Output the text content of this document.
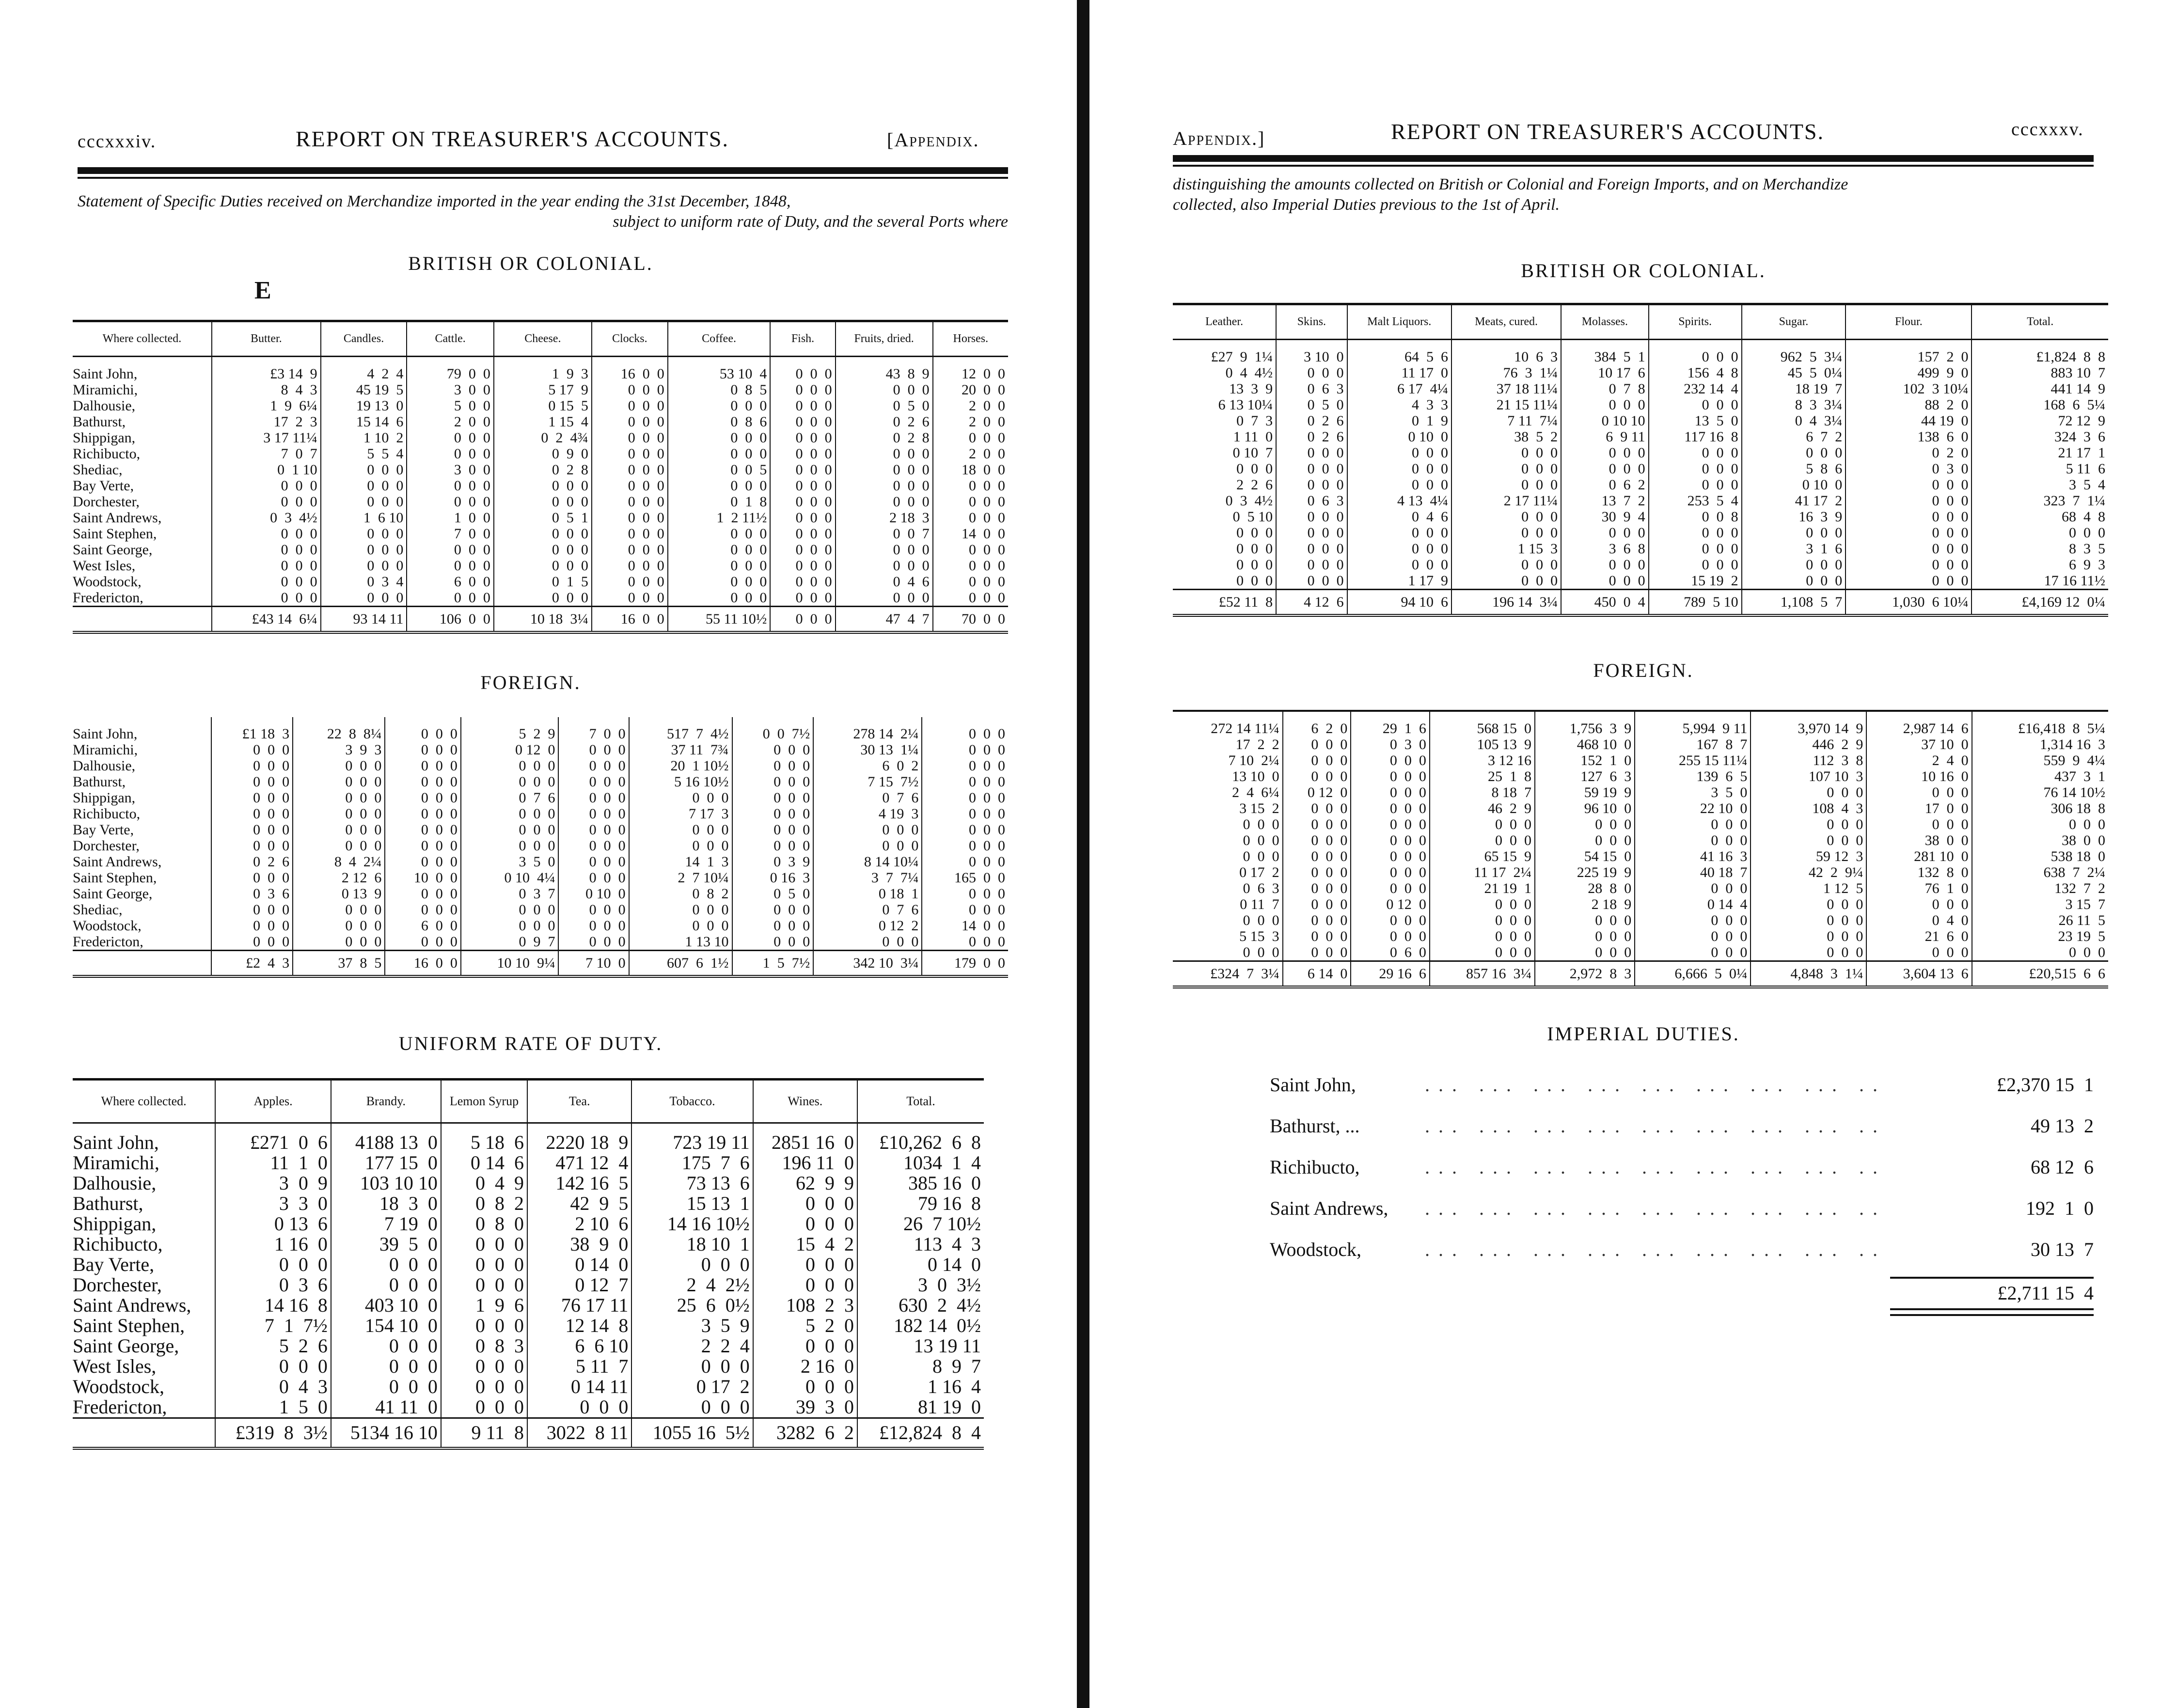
cccxxxiv.	REPORT ON TREASURER'S ACCOUNTS.	[Appendix.
Statement of Specific Duties received on Merchandize imported in the year ending the 31st December, 1848,
subject to uniform rate of Duty, and the several Ports where
BRITISH OR COLONIAL.
E
Where collected.	Butter.	Candles.	Cattle.	Cheese.	Clocks.	Coffee.	Fish.	Fruits, dried.	Horses.

Saint John,	£3 14  9	4  2  4	79  0  0	1  9  3	16  0  0	53 10  4	0  0  0	43  8  9	12  0  0
Miramichi,	8  4  3	45 19  5	3  0  0	5 17  9	0  0  0	0  8  5	0  0  0	0  0  0	20  0  0
Dalhousie,	1  9  6¼	19 13  0	5  0  0	0 15  5	0  0  0	0  0  0	0  0  0	0  5  0	2  0  0
Bathurst,	17  2  3	15 14  6	2  0  0	1 15  4	0  0  0	0  8  6	0  0  0	0  2  6	2  0  0
Shippigan,	3 17 11¼	1 10  2	0  0  0	0  2  4¾	0  0  0	0  0  0	0  0  0	0  2  8	0  0  0
Richibucto,	7  0  7	5  5  4	0  0  0	0  9  0	0  0  0	0  0  0	0  0  0	0  0  0	2  0  0
Shediac,	0  1 10	0  0  0	3  0  0	0  2  8	0  0  0	0  0  5	0  0  0	0  0  0	18  0  0
Bay Verte,	0  0  0	0  0  0	0  0  0	0  0  0	0  0  0	0  0  0	0  0  0	0  0  0	0  0  0
Dorchester,	0  0  0	0  0  0	0  0  0	0  0  0	0  0  0	0  1  8	0  0  0	0  0  0	0  0  0
Saint Andrews,	0  3  4½	1  6 10	1  0  0	0  5  1	0  0  0	1  2 11½	0  0  0	2 18  3	0  0  0
Saint Stephen,	0  0  0	0  0  0	7  0  0	0  0  0	0  0  0	0  0  0	0  0  0	0  0  7	14  0  0
Saint George,	0  0  0	0  0  0	0  0  0	0  0  0	0  0  0	0  0  0	0  0  0	0  0  0	0  0  0
West Isles,	0  0  0	0  0  0	0  0  0	0  0  0	0  0  0	0  0  0	0  0  0	0  0  0	0  0  0
Woodstock,	0  0  0	0  3  4	6  0  0	0  1  5	0  0  0	0  0  0	0  0  0	0  4  6	0  0  0
Fredericton,	0  0  0	0  0  0	0  0  0	0  0  0	0  0  0	0  0  0	0  0  0	0  0  0	0  0  0
	£43 14  6¼	93 14 11	106  0  0	10 18  3¼	16  0  0	55 11 10½	0  0  0	47  4  7	70  0  0
FOREIGN.

Saint John,	£1 18  3	22  8  8¼	0  0  0	5  2  9	7  0  0	517  7  4½	0  0  7½	278 14  2¼	0  0  0
Miramichi,	0  0  0	3  9  3	0  0  0	0 12  0	0  0  0	37 11  7¾	0  0  0	30 13  1¼	0  0  0
Dalhousie,	0  0  0	0  0  0	0  0  0	0  0  0	0  0  0	20  1 10½	0  0  0	6  0  2	0  0  0
Bathurst,	0  0  0	0  0  0	0  0  0	0  0  0	0  0  0	5 16 10½	0  0  0	7 15  7½	0  0  0
Shippigan,	0  0  0	0  0  0	0  0  0	0  7  6	0  0  0	0  0  0	0  0  0	0  7  6	0  0  0
Richibucto,	0  0  0	0  0  0	0  0  0	0  0  0	0  0  0	7 17  3	0  0  0	4 19  3	0  0  0
Bay Verte,	0  0  0	0  0  0	0  0  0	0  0  0	0  0  0	0  0  0	0  0  0	0  0  0	0  0  0
Dorchester,	0  0  0	0  0  0	0  0  0	0  0  0	0  0  0	0  0  0	0  0  0	0  0  0	0  0  0
Saint Andrews,	0  2  6	8  4  2¼	0  0  0	3  5  0	0  0  0	14  1  3	0  3  9	8 14 10¼	0  0  0
Saint Stephen,	0  0  0	2 12  6	10  0  0	0 10  4¼	0  0  0	2  7 10¼	0 16  3	3  7  7¼	165  0  0
Saint George,	0  3  6	0 13  9	0  0  0	0  3  7	0 10  0	0  8  2	0  5  0	0 18  1	0  0  0
Shediac,	0  0  0	0  0  0	0  0  0	0  0  0	0  0  0	0  0  0	0  0  0	0  7  6	0  0  0
Woodstock,	0  0  0	0  0  0	6  0  0	0  0  0	0  0  0	0  0  0	0  0  0	0 12  2	14  0  0
Fredericton,	0  0  0	0  0  0	0  0  0	0  9  7	0  0  0	1 13 10	0  0  0	0  0  0	0  0  0
	£2  4  3	37  8  5	16  0  0	10 10  9¼	7 10  0	607  6  1½	1  5  7½	342 10  3¼	179  0  0
UNIFORM RATE OF DUTY.
Where collected.	Apples.	Brandy.	Lemon Syrup	Tea.	Tobacco.	Wines.	Total.

Saint John,	£271  0  6	4188 13  0	5 18  6	2220 18  9	723 19 11	2851 16  0	£10,262  6  8
Miramichi,	11  1  0	177 15  0	0 14  6	471 12  4	175  7  6	196 11  0	1034  1  4
Dalhousie,	3  0  9	103 10 10	0  4  9	142 16  5	73 13  6	62  9  9	385 16  0
Bathurst,	3  3  0	18  3  0	0  8  2	42  9  5	15 13  1	0  0  0	79 16  8
Shippigan,	0 13  6	7 19  0	0  8  0	2 10  6	14 16 10½	0  0  0	26  7 10½
Richibucto,	1 16  0	39  5  0	0  0  0	38  9  0	18 10  1	15  4  2	113  4  3
Bay Verte,	0  0  0	0  0  0	0  0  0	0 14  0	0  0  0	0  0  0	0 14  0
Dorchester,	0  3  6	0  0  0	0  0  0	0 12  7	2  4  2½	0  0  0	3  0  3½
Saint Andrews,	14 16  8	403 10  0	1  9  6	76 17 11	25  6  0½	108  2  3	630  2  4½
Saint Stephen,	7  1  7½	154 10  0	0  0  0	12 14  8	3  5  9	5  2  0	182 14  0½
Saint George,	5  2  6	0  0  0	0  8  3	6  6 10	2  2  4	0  0  0	13 19 11
West Isles,	0  0  0	0  0  0	0  0  0	5 11  7	0  0  0	2 16  0	8  9  7
Woodstock,	0  4  3	0  0  0	0  0  0	0 14 11	0 17  2	0  0  0	1 16  4
Fredericton,	1  5  0	41 11  0	0  0  0	0  0  0	0  0  0	39  3  0	81 19  0
	£319  8  3½	5134 16 10	9 11  8	3022  8 11	1055 16  5½	3282  6  2	£12,824  8  4
Appendix.]	REPORT ON TREASURER'S ACCOUNTS.	cccxxxv.
distinguishing the amounts collected on British or Colonial and Foreign Imports, and on Merchandize
collected, also Imperial Duties previous to the 1st of April.
BRITISH OR COLONIAL.
Leather.	Skins.	Malt Liquors.	Meats, cured.	Molasses.	Spirits.	Sugar.	Flour.	Total.

£27  9  1¼	3 10  0	64  5  6	10  6  3	384  5  1	0  0  0	962  5  3¼	157  2  0	£1,824  8  8
0  4  4½	0  0  0	11 17  0	76  3  1¼	10 17  6	156  4  8	45  5  0¼	499  9  0	883 10  7
13  3  9	0  6  3	6 17  4¼	37 18 11¼	0  7  8	232 14  4	18 19  7	102  3 10¼	441 14  9
6 13 10¼	0  5  0	4  3  3	21 15 11¼	0  0  0	0  0  0	8  3  3¼	88  2  0	168  6  5¼
0  7  3	0  2  6	0  1  9	7 11  7¼	0 10 10	13  5  0	0  4  3¼	44 19  0	72 12  9
1 11  0	0  2  6	0 10  0	38  5  2	6  9 11	117 16  8	6  7  2	138  6  0	324  3  6
0 10  7	0  0  0	0  0  0	0  0  0	0  0  0	0  0  0	0  0  0	0  2  0	21 17  1
0  0  0	0  0  0	0  0  0	0  0  0	0  0  0	0  0  0	5  8  6	0  3  0	5 11  6
2  2  6	0  0  0	0  0  0	0  0  0	0  6  2	0  0  0	0 10  0	0  0  0	3  5  4
0  3  4½	0  6  3	4 13  4¼	2 17 11¼	13  7  2	253  5  4	41 17  2	0  0  0	323  7  1¼
0  5 10	0  0  0	0  4  6	0  0  0	30  9  4	0  0  8	16  3  9	0  0  0	68  4  8
0  0  0	0  0  0	0  0  0	0  0  0	0  0  0	0  0  0	0  0  0	0  0  0	0  0  0
0  0  0	0  0  0	0  0  0	1 15  3	3  6  8	0  0  0	3  1  6	0  0  0	8  3  5
0  0  0	0  0  0	0  0  0	0  0  0	0  0  0	0  0  0	0  0  0	0  0  0	6  9  3
0  0  0	0  0  0	1 17  9	0  0  0	0  0  0	15 19  2	0  0  0	0  0  0	17 16 11½
£52 11  8	4 12  6	94 10  6	196 14  3¼	450  0  4	789  5 10	1,108  5  7	1,030  6 10¼	£4,169 12  0¼
FOREIGN.

272 14 11¼	6  2  0	29  1  6	568 15  0	1,756  3  9	5,994  9 11	3,970 14  9	2,987 14  6	£16,418  8  5¼
17  2  2	0  0  0	0  3  0	105 13  9	468 10  0	167  8  7	446  2  9	37 10  0	1,314 16  3
7 10  2¼	0  0  0	0  0  0	3 12 16	152  1  0	255 15 11¼	112  3  8	2  4  0	559  9  4¼
13 10  0	0  0  0	0  0  0	25  1  8	127  6  3	139  6  5	107 10  3	10 16  0	437  3  1
2  4  6¼	0 12  0	0  0  0	8 18  7	59 19  9	3  5  0	0  0  0	0  0  0	76 14 10½
3 15  2	0  0  0	0  0  0	46  2  9	96 10  0	22 10  0	108  4  3	17  0  0	306 18  8
0  0  0	0  0  0	0  0  0	0  0  0	0  0  0	0  0  0	0  0  0	0  0  0	0  0  0
0  0  0	0  0  0	0  0  0	0  0  0	0  0  0	0  0  0	0  0  0	38  0  0	38  0  0
0  0  0	0  0  0	0  0  0	65 15  9	54 15  0	41 16  3	59 12  3	281 10  0	538 18  0
0 17  2	0  0  0	0  0  0	11 17  2¼	225 19  9	40 18  7	42  2  9¼	132  8  0	638  7  2¼
0  6  3	0  0  0	0  0  0	21 19  1	28  8  0	0  0  0	1 12  5	76  1  0	132  7  2
0 11  7	0  0  0	0 12  0	0  0  0	2 18  9	0 14  4	0  0  0	0  0  0	3 15  7
0  0  0	0  0  0	0  0  0	0  0  0	0  0  0	0  0  0	0  0  0	0  4  0	26 11  5
5 15  3	0  0  0	0  0  0	0  0  0	0  0  0	0  0  0	0  0  0	21  6  0	23 19  5
0  0  0	0  0  0	0  6  0	0  0  0	0  0  0	0  0  0	0  0  0	0  0  0	0  0  0
£324  7  3¼	6 14  0	29 16  6	857 16  3¼	2,972  8  3	6,666  5  0¼	4,848  3  1¼	3,604 13  6	£20,515  6  6
IMPERIAL DUTIES.
Saint John,	... ... ... ... ... ... ... ... ..	£2,370 15  1
Bathurst, ...	... ... ... ... ... ... ... ... ..	49 13  2
Richibucto,	... ... ... ... ... ... ... ... ..	68 12  6
Saint Andrews, ... ... ... ... ... ... ... ... ..	192  1  0
Woodstock,	... ... ... ... ... ... ... ... ..	30 13  7
£2,711 15  4
